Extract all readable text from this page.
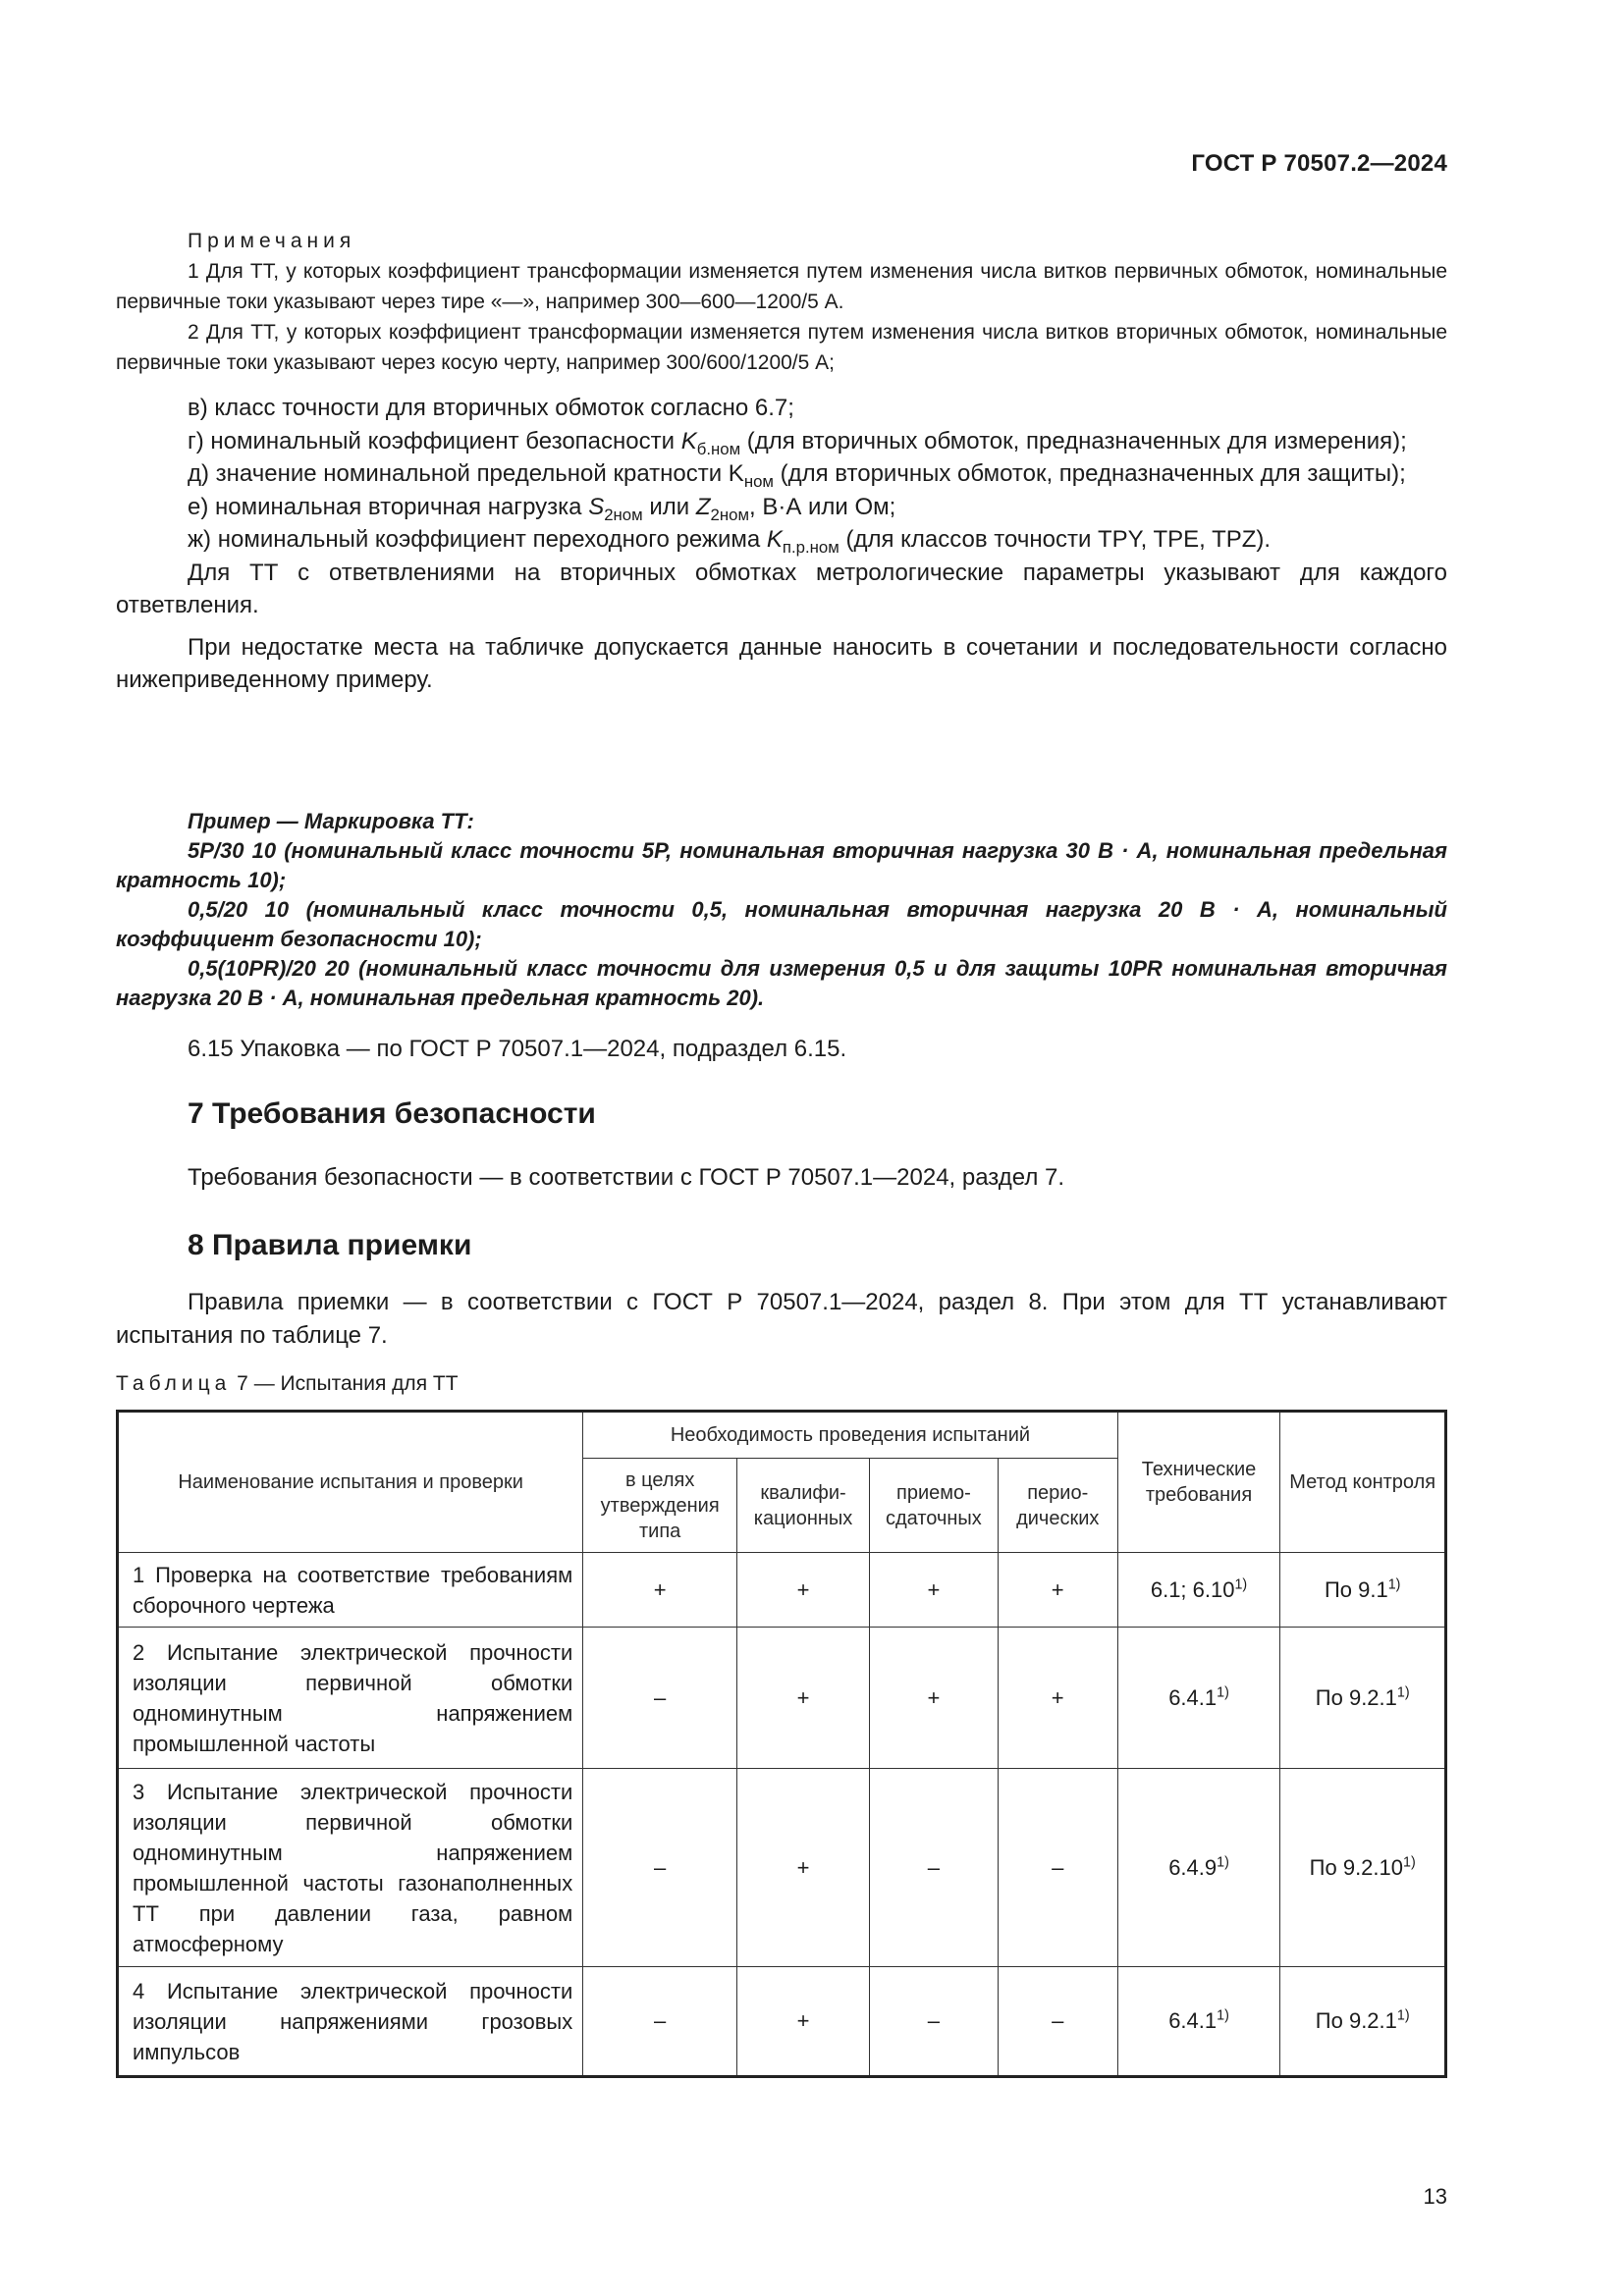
ГОСТ Р 70507.2—2024
Примечания

1 Для ТТ, у которых коэффициент трансформации изменяется путем изменения числа витков первичных обмоток, номинальные первичные токи указывают через тире «—», например 300—600—1200/5 А.

2 Для ТТ, у которых коэффициент трансформации изменяется путем изменения числа витков вторичных обмоток, номинальные первичные токи указывают через косую черту, например 300/600/1200/5 А;

в) класс точности для вторичных обмоток согласно 6.7;

г) номинальный коэффициент безопасности $K_{б.ном}$ (для вторичных обмоток, предназначенных для измерения);

д) значение номинальной предельной кратности $K_{ном}$ (для вторичных обмоток, предназначенных для защиты);

е) номинальная вторичная нагрузка $S_{2ном}$ или $Z_{2ном}$, В·А или Ом;

ж) номинальный коэффициент переходного режима $K_{п.р.ном}$ (для классов точности TPY, TPE, TPZ).

Для ТТ с ответвлениями на вторичных обмотках метрологические параметры указывают для каждого ответвления.

При недостатке места на табличке допускается данные наносить в сочетании и последовательности согласно нижеприведенному примеру.

Пример — Маркировка ТТ:

5P/30 10 (номинальный класс точности 5P, номинальная вторичная нагрузка 30 В · А, номинальная предельная кратность 10);

0,5/20 10 (номинальный класс точности 0,5, номинальная вторичная нагрузка 20 В · А, номинальный коэффициент безопасности 10);

0,5(10PR)/20 20 (номинальный класс точности для измерения 0,5 и для защиты 10PR номинальная вторичная нагрузка 20 В · А, номинальная предельная кратность 20).

6.15 Упаковка — по ГОСТ Р 70507.1—2024, подраздел 6.15.

7 Требования безопасности

Требования безопасности — в соответствии с ГОСТ Р 70507.1—2024, раздел 7.

8 Правила приемки

Правила приемки — в соответствии с ГОСТ Р 70507.1—2024, раздел 8. При этом для ТТ устанавливают испытания по таблице 7.

Таблица 7 — Испытания для ТТ
Наименование испытания и проверки	Необходимость проведения испытаний				Технические требования	Метод контроля
	в целях утверждения типа	квалифи-кационных	приемо-сдаточных	перио-дических		
1 Проверка на соответствие требованиям сборочного чертежа	+	+	+	+	6.1; 6.10$^{1)}$	По 9.1$^{1)}$
2 Испытание электрической прочности изоляции первичной обмотки одноминутным напряжением промышленной частоты	–	+	+	+	$6.4.1^{1)}$	По 9.2.1$^{1)}$
3 Испытание электрической прочности изоляции первичной обмотки одноминутным напряжением промышленной частоты газонаполненных ТТ при давлении газа, равном атмосферному	–	+	–	–	6.4.9$^{1)}$	По 9.2.10$^{1)}$
4 Испытание электрической прочности изоляции напряжениями грозовых импульсов	–	+	–	–	6.4.1$^{1)}$	По 9.2.1$^{1)}$
13
